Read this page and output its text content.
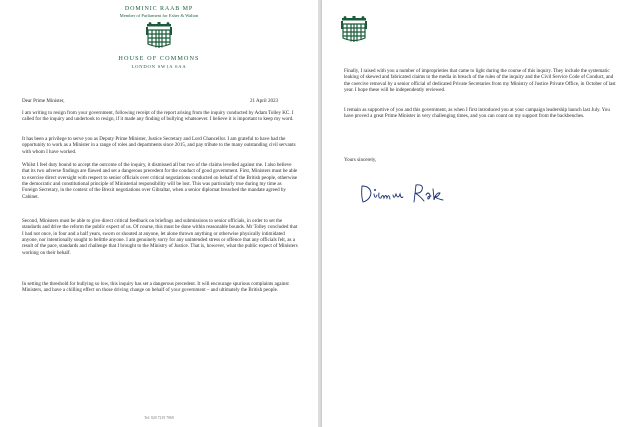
DOMINIC RAAB MP
Member of Parliament for Esher & Walton
HOUSE OF COMMONS
LONDON SW1A 0AA
Dear Prime Minister,	21 April 2023
I am writing to resign from your government, following receipt of the report arising from the inquiry conducted by Adam Tolley KC. I called for the inquiry and undertook to resign, if it made any finding of bullying whatsoever. I believe it is important to keep my word.
It has been a privilege to serve you as Deputy Prime Minister, Justice Secretary and Lord Chancellor. I am grateful to have had the opportunity to work as a Minister in a range of roles and departments since 2015, and pay tribute to the many outstanding civil servants with whom I have worked.
Whilst I feel duty bound to accept the outcome of the inquiry, it dismissed all but two of the claims levelled against me. I also believe that its two adverse findings are flawed and set a dangerous precedent for the conduct of good government. First, Ministers must be able to exercise direct oversight with respect to senior officials over critical negotiations conducted on behalf of the British people, otherwise the democratic and constitutional principle of Ministerial responsibility will be lost. This was particularly true during my time as Foreign Secretary, in the context of the Brexit negotiations over Gibraltar, when a senior diplomat breached the mandate agreed by Cabinet.
Second, Ministers must be able to give direct critical feedback on briefings and submissions to senior officials, in order to set the standards and drive the reform the public expect of us. Of course, this must be done within reasonable bounds. Mr Tolley concluded that I had not once, in four and a half years, sworn or shouted at anyone, let alone thrown anything or otherwise physically intimidated anyone, nor intentionally sought to belittle anyone. I am genuinely sorry for any unintended stress or offence that any officials felt, as a result of the pace, standards and challenge that I brought to the Ministry of Justice. That is, however, what the public expect of Ministers working on their behalf.
In setting the threshold for bullying so low, this inquiry has set a dangerous precedent. It will encourage spurious complaints against Ministers, and have a chilling effect on those driving change on behalf of your government – and ultimately the British people.
Tel: 020 7219 7069
Finally, I raised with you a number of improprieties that came to light during the course of this inquiry. They include the systematic leaking of skewed and fabricated claims to the media in breach of the rules of the inquiry and the Civil Service Code of Conduct, and the coercive removal by a senior official of dedicated Private Secretaries from my Ministry of Justice Private Office, in October of last year. I hope these will be independently reviewed.
I remain as supportive of you and this government, as when I first introduced you at your campaign leadership launch last July. You have proved a great Prime Minister in very challenging times, and you can count on my support from the backbenches.
Yours sincerely,
